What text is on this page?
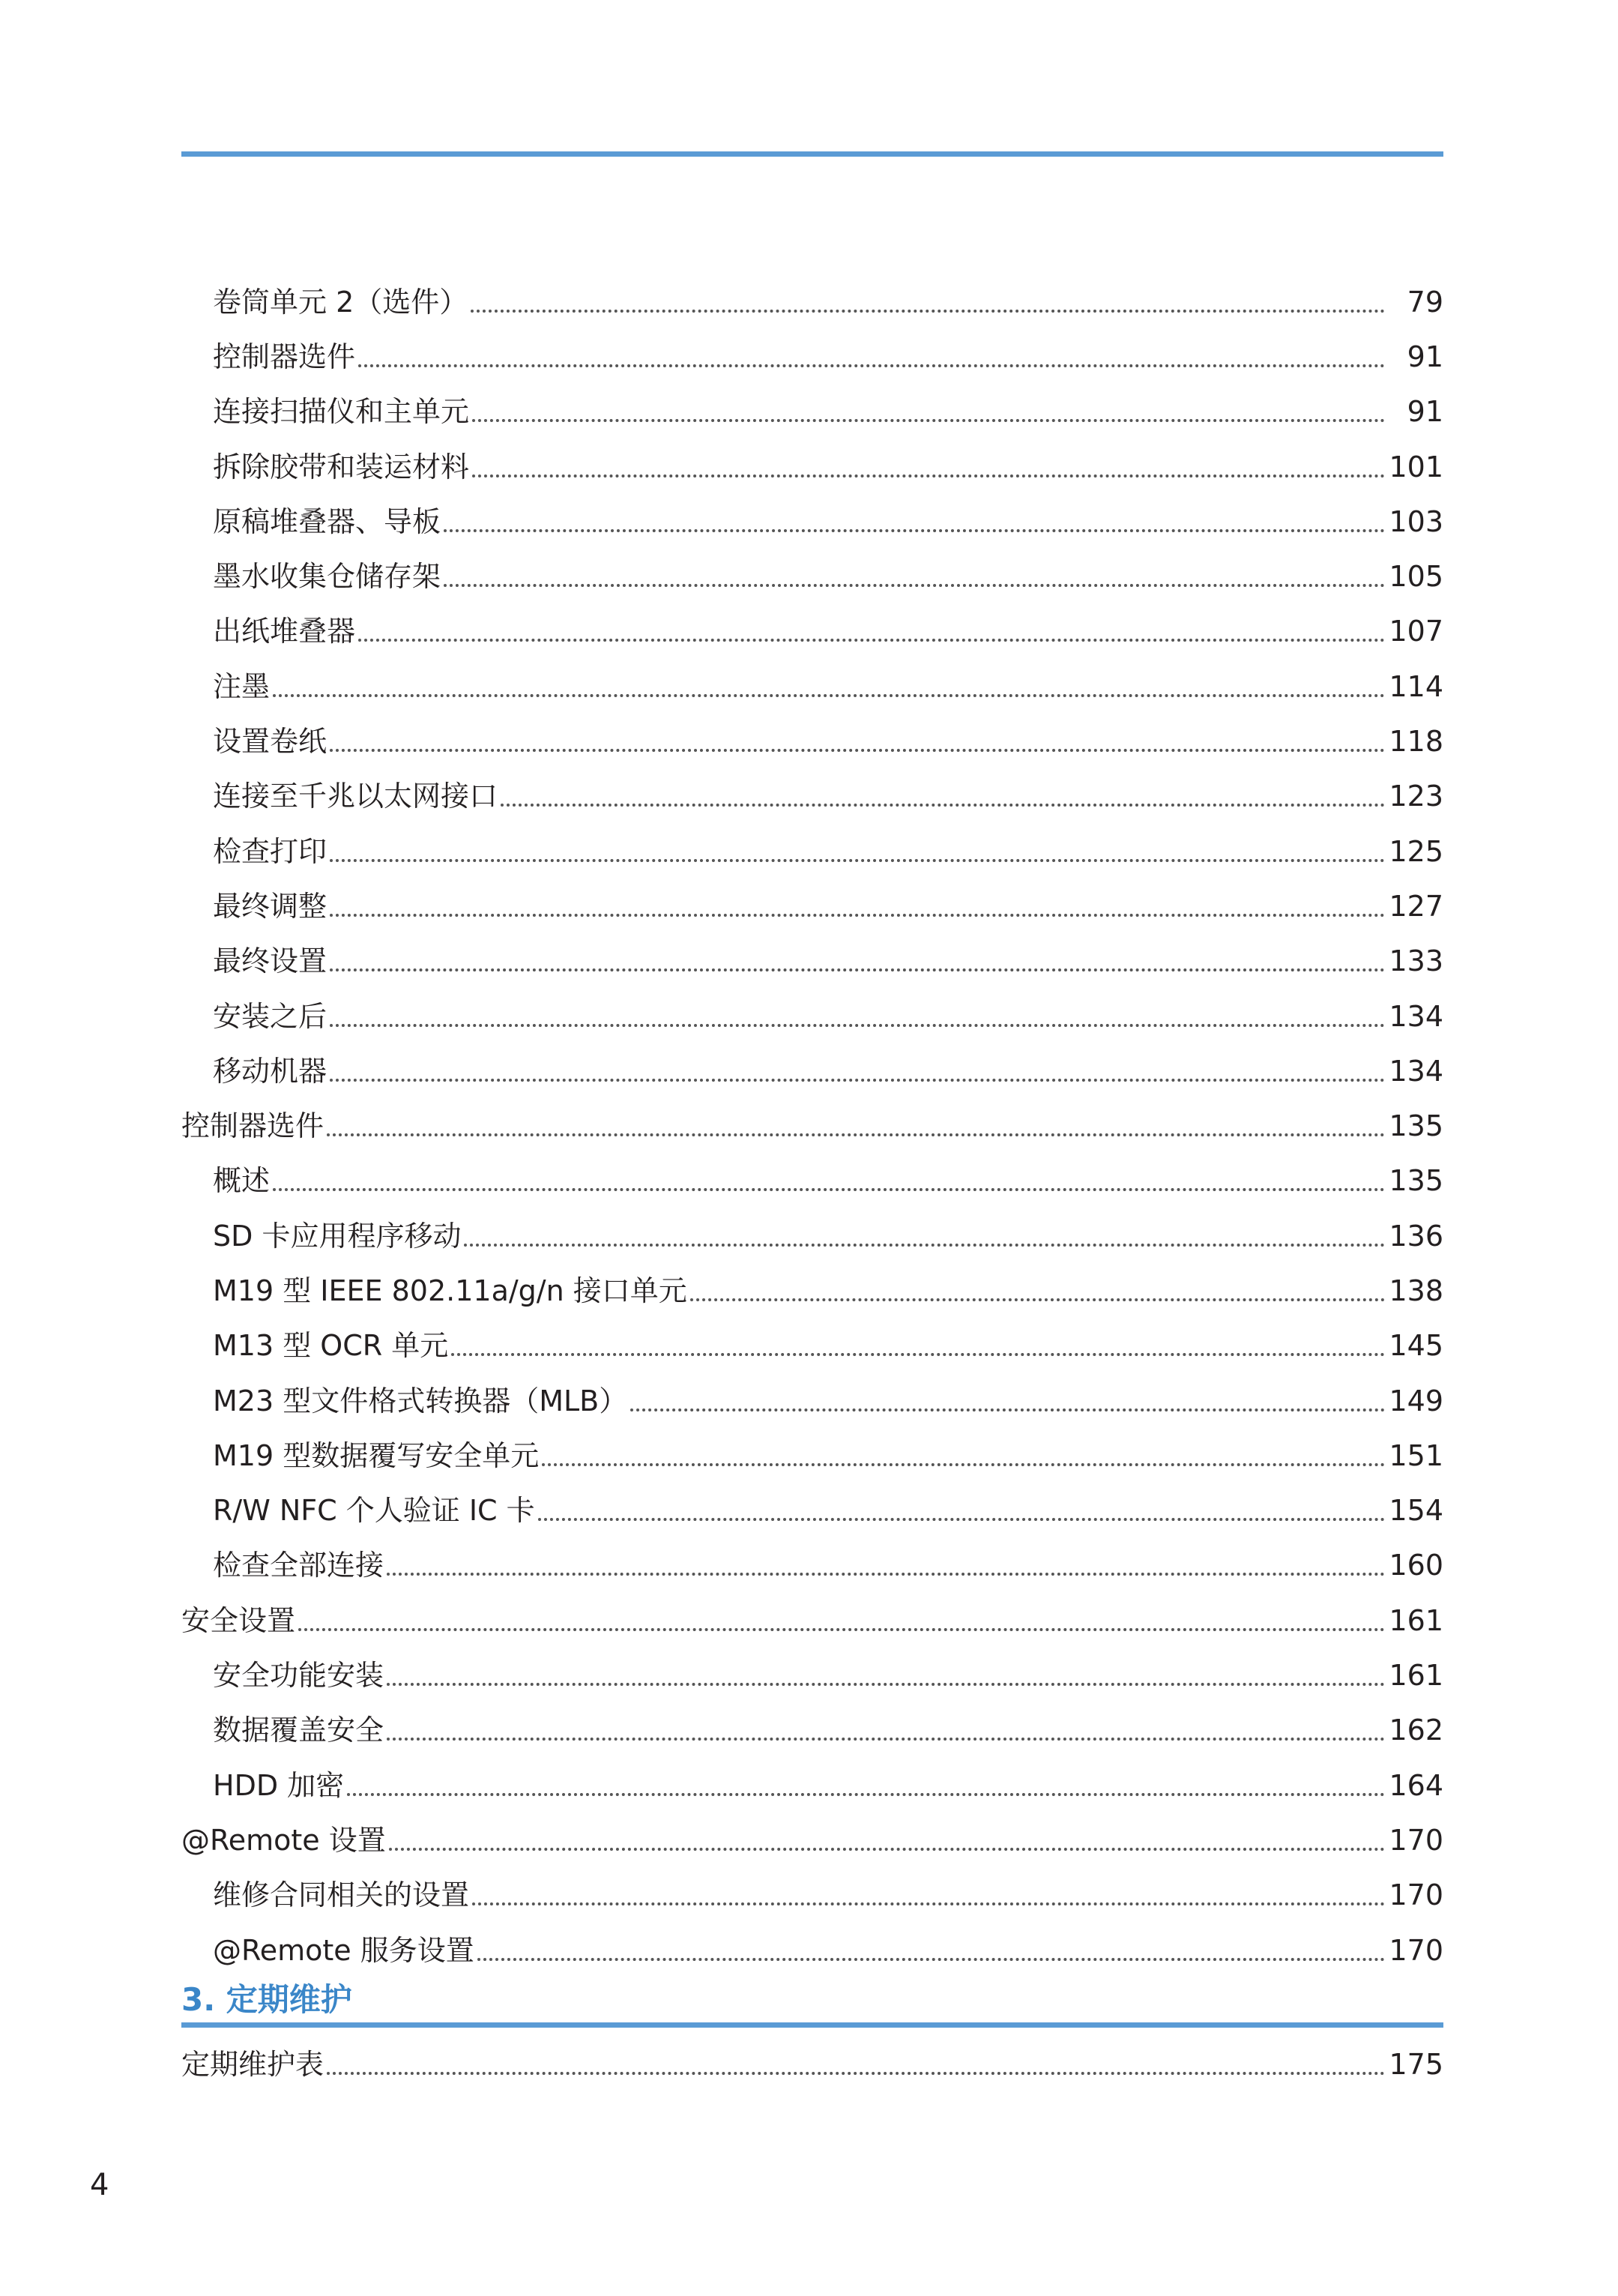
卷筒单元 2（选件）	79
控制器选件	91
连接扫描仪和主单元	91
拆除胶带和装运材料	101
原稿堆叠器、导板	103
墨水收集仓储存架	105
出纸堆叠器	107
注墨	114
设置卷纸	118
连接至千兆以太网接口	123
检查打印	125
最终调整	127
最终设置	133
安装之后	134
移动机器	134
控制器选件	135
概述	135
SD 卡应用程序移动	136
M19 型 IEEE 802.11a/g/n 接口单元	138
M13 型 OCR 单元	145
M23 型文件格式转换器（MLB）	149
M19 型数据覆写安全单元	151
R/W NFC 个人验证 IC 卡	154
检查全部连接	160
安全设置	161
安全功能安装	161
数据覆盖安全	162
HDD 加密	164
@Remote 设置	170
维修合同相关的设置	170
@Remote 服务设置	170
3. 定期维护
定期维护表	175
4
